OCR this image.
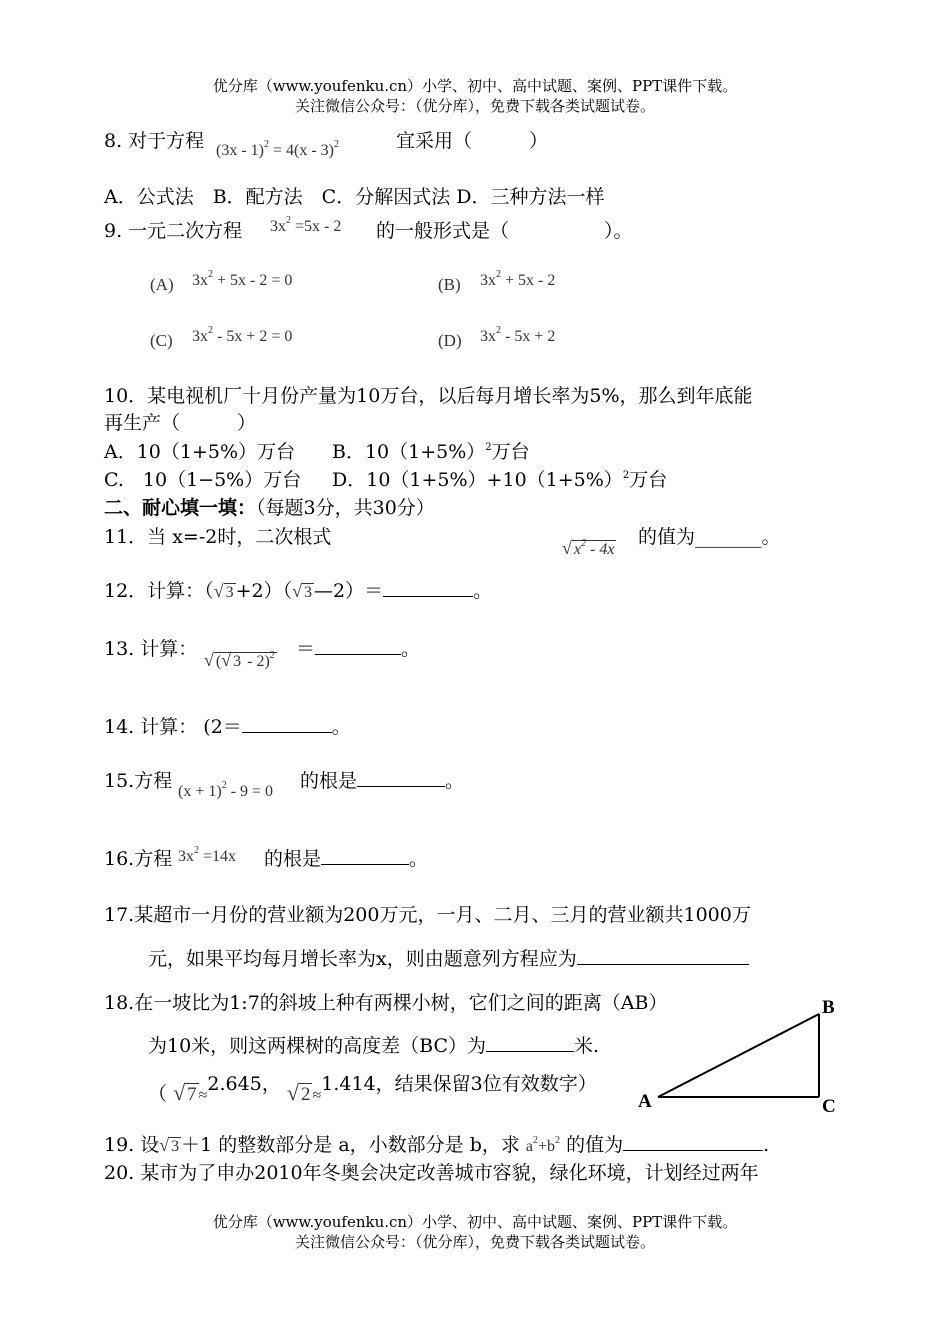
优分库（www.youfenku.cn）小学、初中、高中试题、案例、PPT课件下载。
关注微信公众号：（优分库），免费下载各类试题试卷。
8. 对于方程 (3x - 1)$^2$ = 4(x - 3)$^2$	宜采用（　　　）
A．公式法　B．配方法　C．分解因式法 D．三种方法一样
9. 一元二次方程 $3x^2 =5x - 2$ 的一般形式是（　　　　　）。
(A) $3x^2 + 5x - 2 = 0$	(B) $3x^2 + 5x - 2$
(C) $3x^2 - 5x + 2 = 0$	(D) $3x^2 - 5x + 2$
10．某电视机厂十月份产量为10万台，以后每月增长率为5%，那么到年底能
再生产（　　　）
A．10（1+5%）万台 B．$10(1+5\%)^2$万台
C.　10（1−5%）万台 D．$10(1+5\%)+10(1+5\%)^2$万台
二、耐心填一填：（每题3分，共30分）
11．当 x=-2时，二次根式	√ $x^2 - 4x$
的值为_______。
12．计算：（√ 3 +2）（√ 3 —2）＝	。
13. 计算： √ (√ 3 - 2)$^2$ ＝	。
14. 计算： (2＝	。
15.方程 $(x + 1)^2 - 9 = 0$ 的根是	。
16.方程 $3x^2 =14x$ 的根是	。
17.某超市一月份的营业额为200万元，一月、二月、三月的营业额共1000万
元，如果平均每月增长率为x，则由题意列方程应为
18.在一坡比为1:7的斜坡上种有两棵小树，它们之间的距离（AB）
为10米，则这两棵树的高度差（BC）为	米.
（ √ 7 ≈2.645， √ 2 ≈1.414，结果保留3位有效数字）
A
B
C
19. 设√ 3 ＋1 的整数部分是 a，小数部分是 b，求 $a^2+b^2$ 的值为	.
20. 某市为了申办2010年冬奥会决定改善城市容貌，绿化环境，计划经过两年
优分库（www.youfenku.cn）小学、初中、高中试题、案例、PPT课件下载。
关注微信公众号：（优分库），免费下载各类试题试卷。
